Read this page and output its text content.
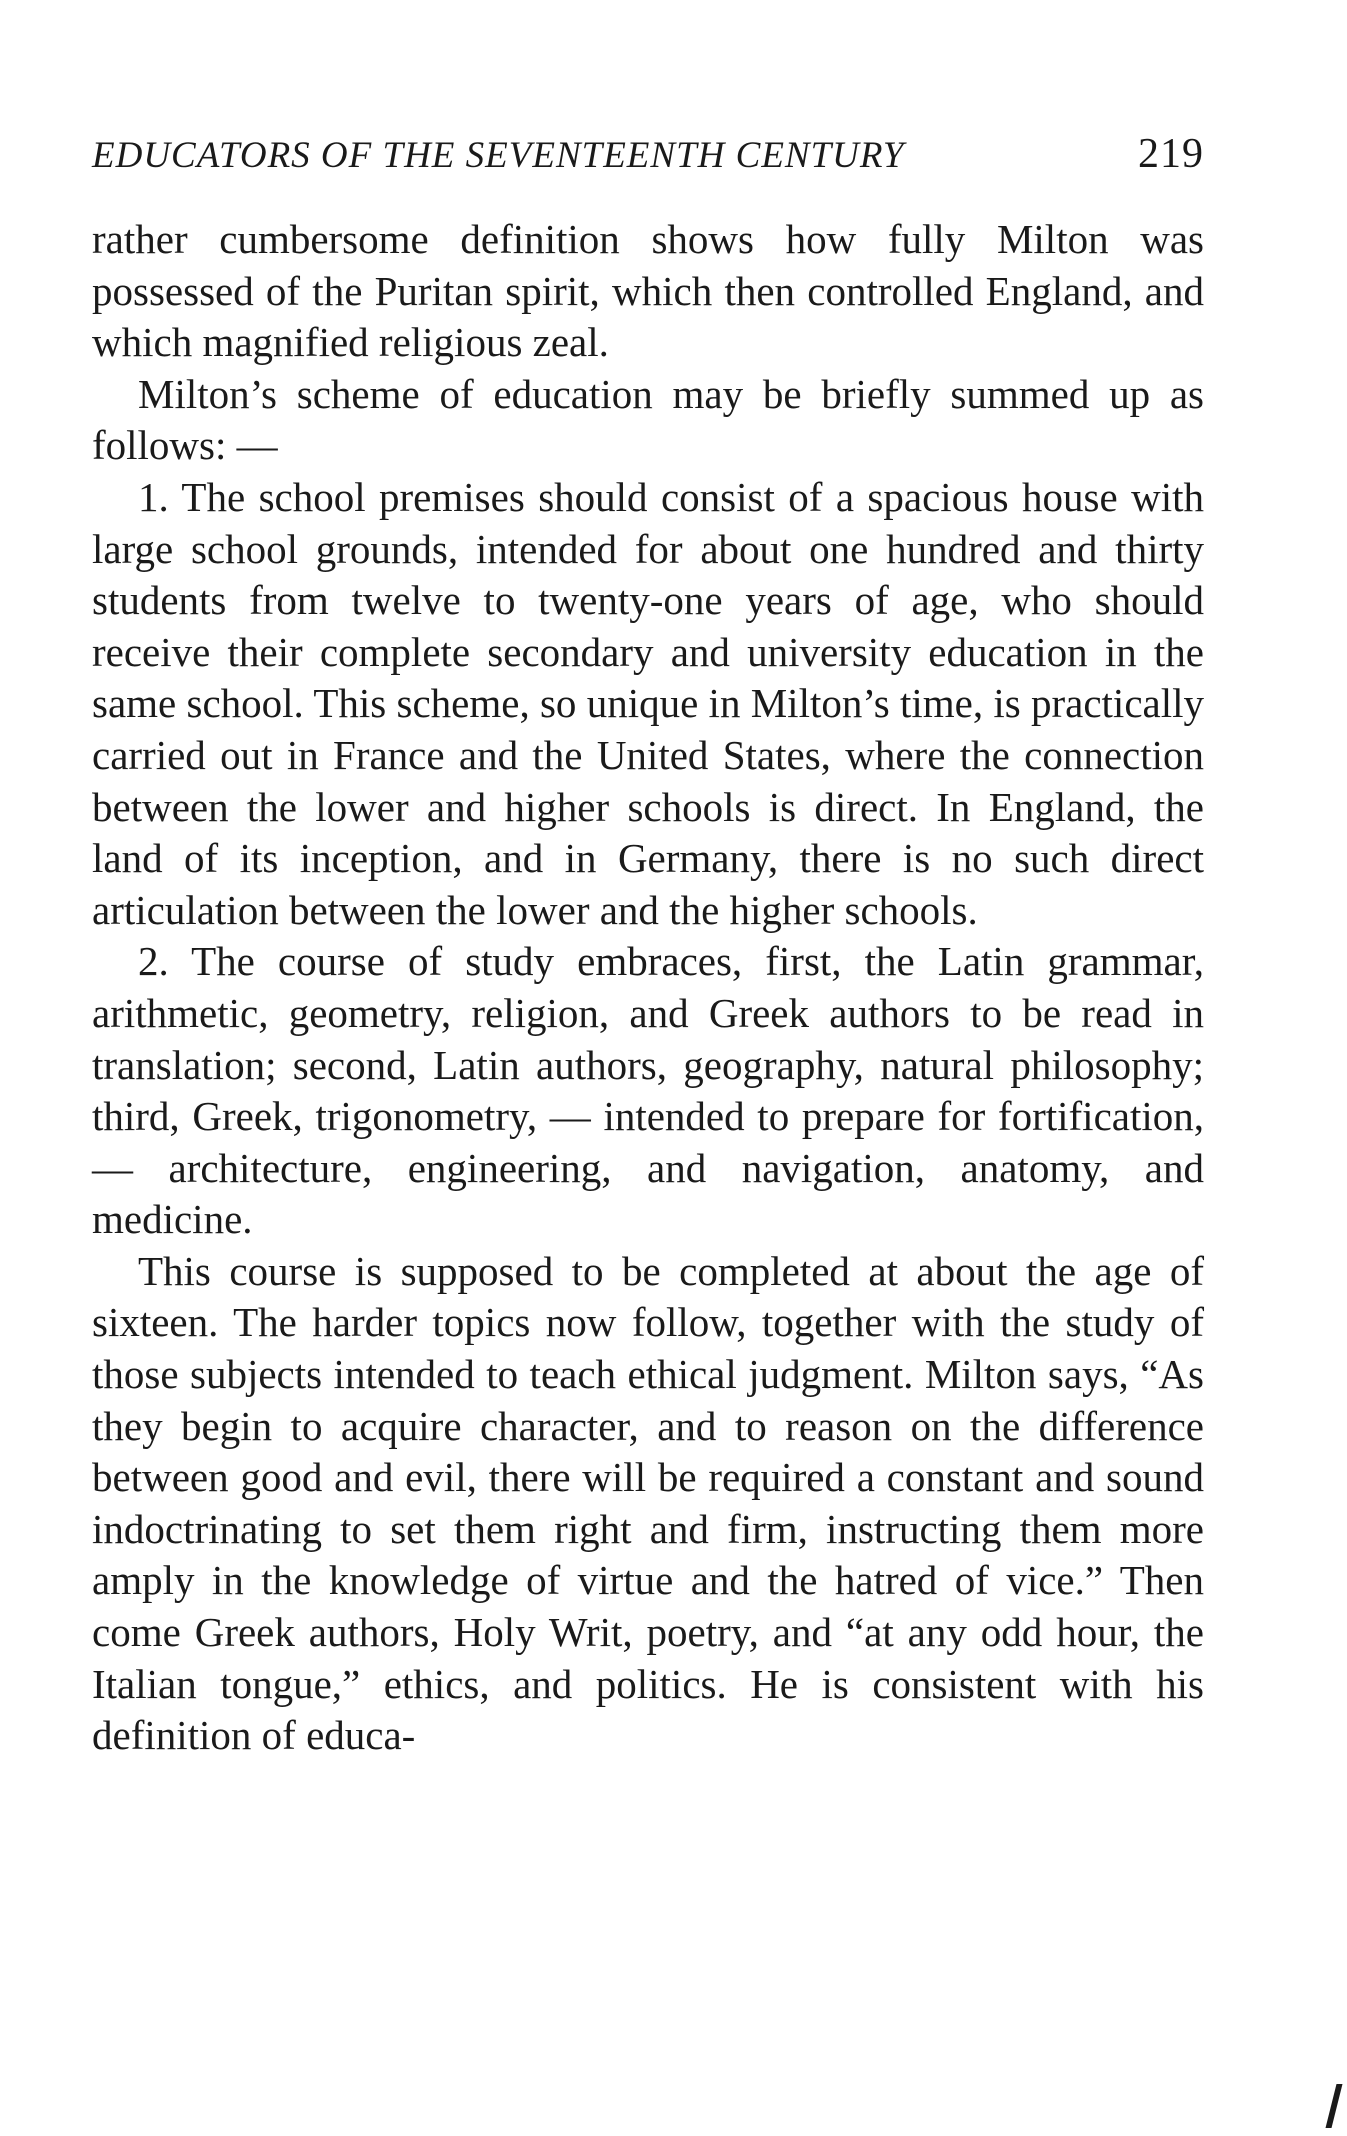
EDUCATORS OF THE SEVENTEENTH CENTURY	219

rather cumbersome definition shows how fully Milton was possessed of the Puritan spirit, which then controlled England, and which magnified religious zeal.

Milton’s scheme of education may be briefly summed up as follows: —

1. The school premises should consist of a spacious house with large school grounds, intended for about one hundred and thirty students from twelve to twenty-one years of age, who should receive their complete secondary and university education in the same school. This scheme, so unique in Milton’s time, is practically carried out in France and the United States, where the connection between the lower and higher schools is direct. In England, the land of its inception, and in Germany, there is no such direct articulation between the lower and the higher schools.

2. The course of study embraces, first, the Latin grammar, arithmetic, geometry, religion, and Greek authors to be read in translation; second, Latin authors, geography, natural philosophy; third, Greek, trigonometry, — intended to prepare for fortification, — architecture, engineering, and navigation, anatomy, and medicine.

This course is supposed to be completed at about the age of sixteen. The harder topics now follow, together with the study of those subjects intended to teach ethical judgment. Milton says, “As they begin to acquire character, and to reason on the difference between good and evil, there will be required a constant and sound indoctrinating to set them right and firm, instructing them more amply in the knowledge of virtue and the hatred of vice.” Then come Greek authors, Holy Writ, poetry, and “at any odd hour, the Italian tongue,” ethics, and politics. He is consistent with his definition of educa-
